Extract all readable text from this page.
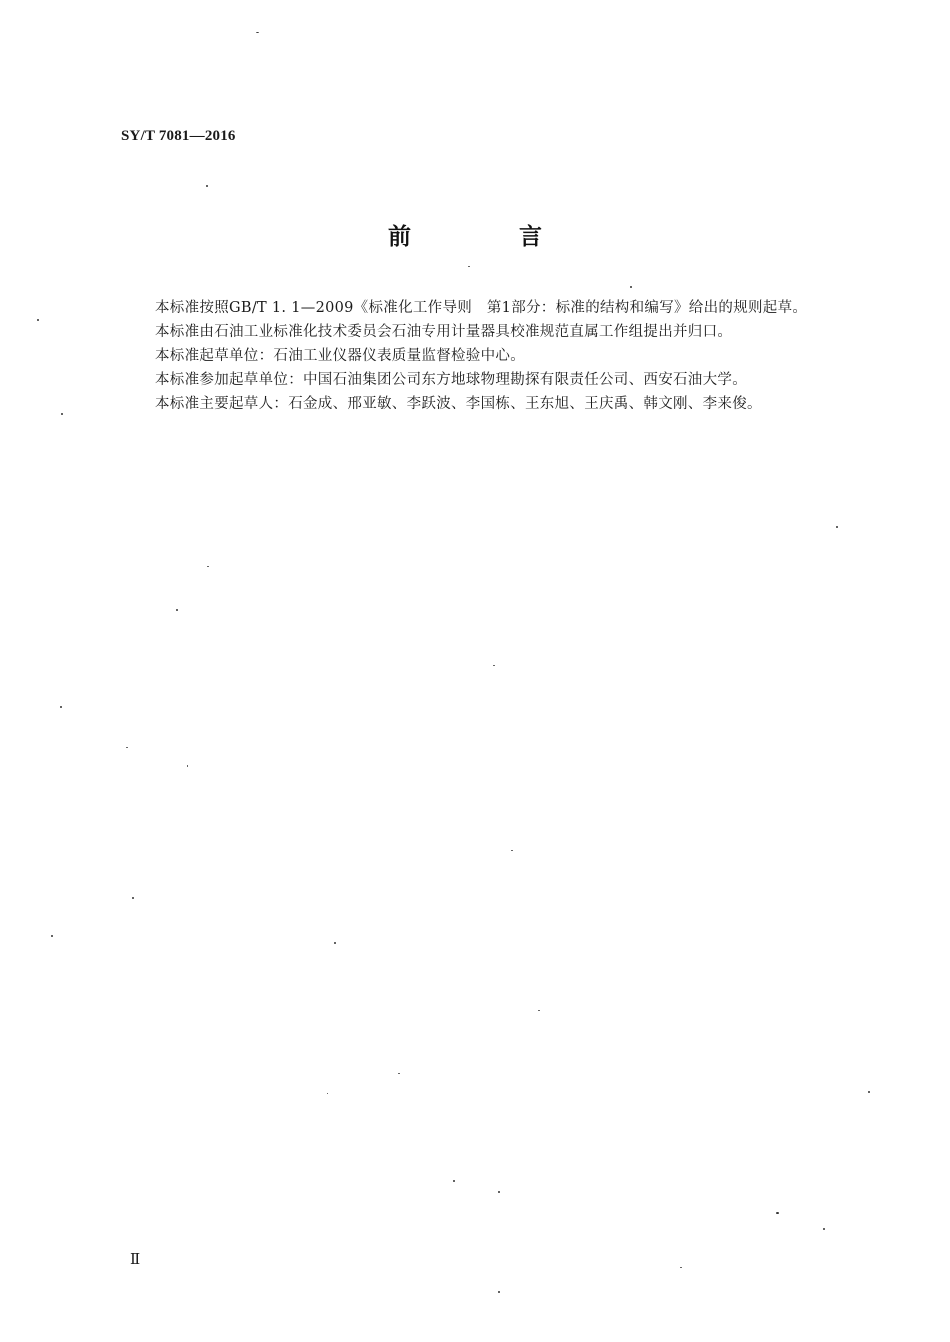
SY/T 7081—2016
前 言

本标准按照GB/T 1. 1—2009《标准化工作导则　第1部分：标准的结构和编写》给出的规则起草。

本标准由石油工业标准化技术委员会石油专用计量器具校准规范直属工作组提出并归口。

本标准起草单位：石油工业仪器仪表质量监督检验中心。

本标准参加起草单位：中国石油集团公司东方地球物理勘探有限责任公司、西安石油大学。

本标准主要起草人：石金成、邢亚敏、李跃波、李国栋、王东旭、王庆禹、韩文刚、李来俊。

Ⅱ
